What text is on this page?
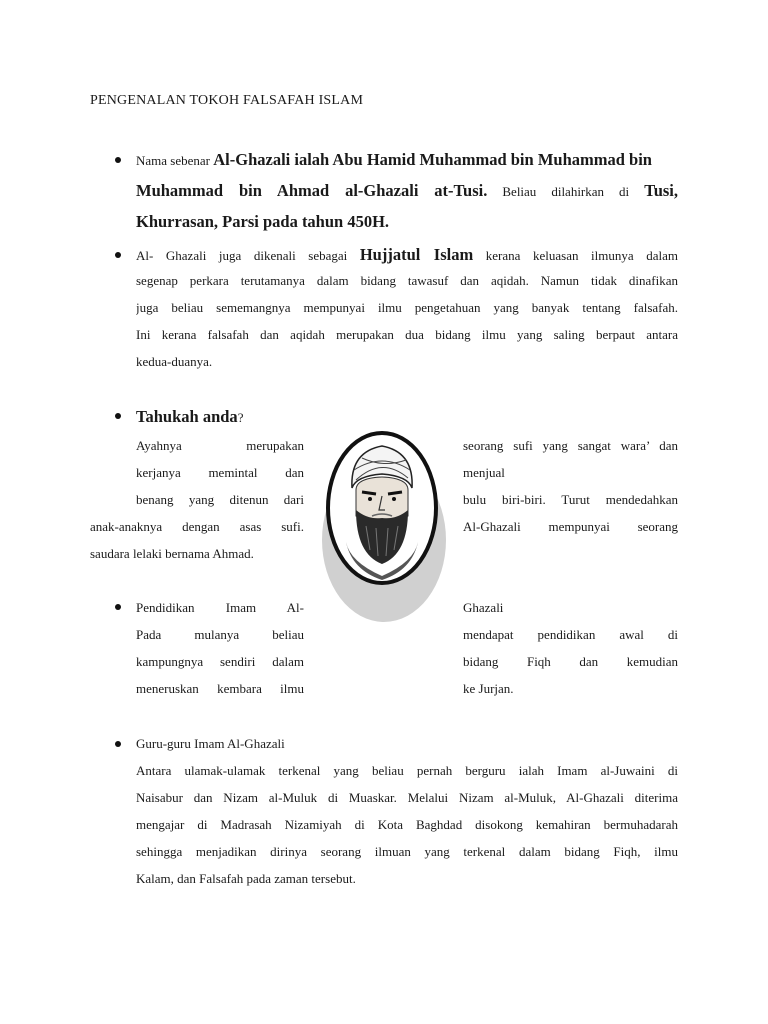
PENGENALAN TOKOH FALSAFAH ISLAM
Nama sebenar Al-Ghazali ialah Abu Hamid Muhammad bin Muhammad bin
Muhammad bin Ahmad al-Ghazali at-Tusi. Beliau dilahirkan di Tusi,
Khurrasan, Parsi pada tahun 450H.
Al- Ghazali juga dikenali sebagai Hujjatul Islam kerana keluasan ilmunya dalam
segenap perkara terutamanya dalam bidang tawasuf dan aqidah. Namun tidak dinafikan
juga beliau sememangnya mempunyai ilmu pengetahuan yang banyak tentang falsafah.
Ini kerana falsafah dan aqidah merupakan dua bidang ilmu yang saling berpaut antara
kedua-duanya.
Tahukah anda?
Ayahnya merupakan
kerjanya memintal dan
benang yang ditenun dari
anak-anaknya dengan asas sufi.
saudara lelaki bernama Ahmad.
seorang sufi yang sangat wara’ dan
menjual
bulu biri-biri. Turut mendedahkan
Al-Ghazali mempunyai seorang
Pendidikan Imam Al-	Ghazali
Pada mulanya beliau
kampungnya sendiri dalam
meneruskan kembara ilmu
mendapat pendidikan awal di
bidang Fiqh dan kemudian
ke Jurjan.
Guru-guru Imam Al-Ghazali
Antara ulamak-ulamak terkenal yang beliau pernah berguru ialah Imam al-Juwaini di
Naisabur dan Nizam al-Muluk di Muaskar. Melalui Nizam al-Muluk, Al-Ghazali diterima
mengajar di Madrasah Nizamiyah di Kota Baghdad disokong kemahiran bermuhadarah
sehingga menjadikan dirinya seorang ilmuan yang terkenal dalam bidang Fiqh, ilmu
Kalam, dan Falsafah pada zaman tersebut.
